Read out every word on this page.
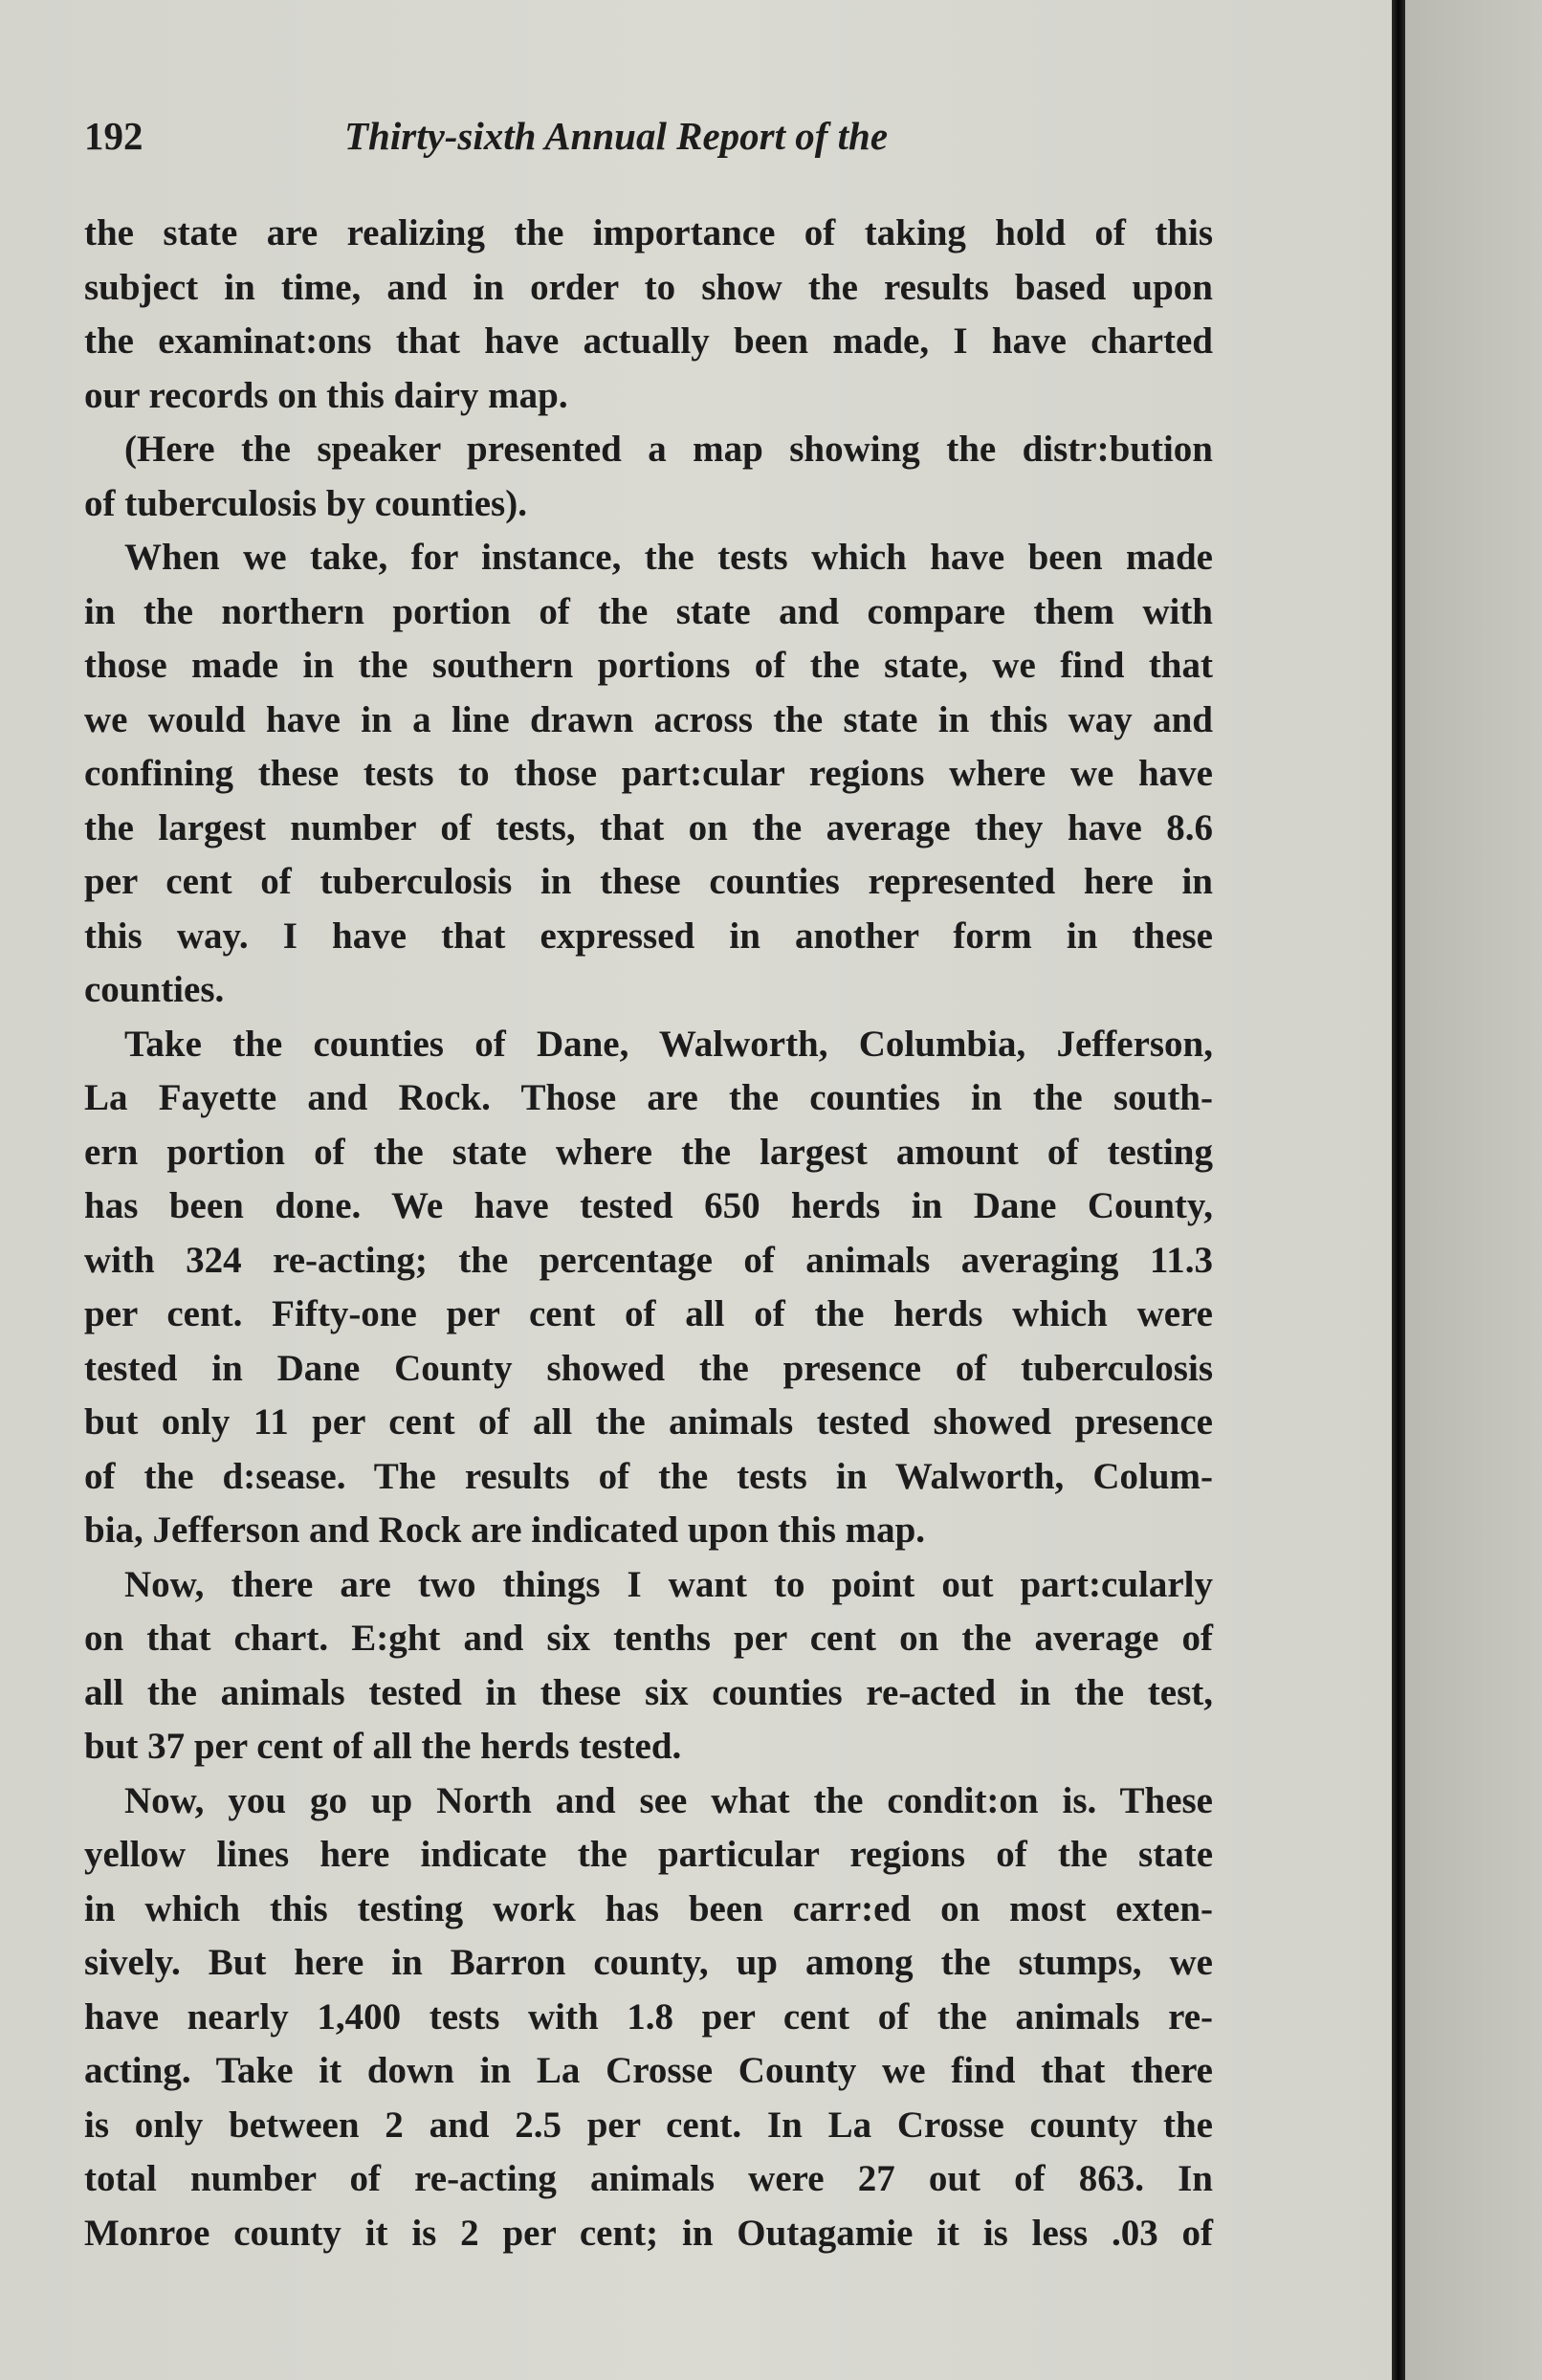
192	Thirty-sixth Annual Report of the
the state are realizing the importance of taking hold of this
subject in time, and in order to show the results based upon
the examinat:ons that have actually been made, I have charted
our records on this dairy map.
(Here the speaker presented a map showing the distr:bution
of tuberculosis by counties).
When we take, for instance, the tests which have been made
in the northern portion of the state and compare them with
those made in the southern portions of the state, we find that
we would have in a line drawn across the state in this way and
confining these tests to those part:cular regions where we have
the largest number of tests, that on the average they have 8.6
per cent of tuberculosis in these counties represented here in
this way. I have that expressed in another form in these
counties.
Take the counties of Dane, Walworth, Columbia, Jefferson,
La Fayette and Rock. Those are the counties in the south-
ern portion of the state where the largest amount of testing
has been done. We have tested 650 herds in Dane County,
with 324 re-acting; the percentage of animals averaging 11.3
per cent. Fifty-one per cent of all of the herds which were
tested in Dane County showed the presence of tuberculosis
but only 11 per cent of all the animals tested showed presence
of the d:sease. The results of the tests in Walworth, Colum-
bia, Jefferson and Rock are indicated upon this map.
Now, there are two things I want to point out part:cularly
on that chart. E:ght and six tenths per cent on the average of
all the animals tested in these six counties re-acted in the test,
but 37 per cent of all the herds tested.
Now, you go up North and see what the condit:on is. These
yellow lines here indicate the particular regions of the state
in which this testing work has been carr:ed on most exten-
sively. But here in Barron county, up among the stumps, we
have nearly 1,400 tests with 1.8 per cent of the animals re-
acting. Take it down in La Crosse County we find that there
is only between 2 and 2.5 per cent. In La Crosse county the
total number of re-acting animals were 27 out of 863. In
Monroe county it is 2 per cent; in Outagamie it is less .03 of
